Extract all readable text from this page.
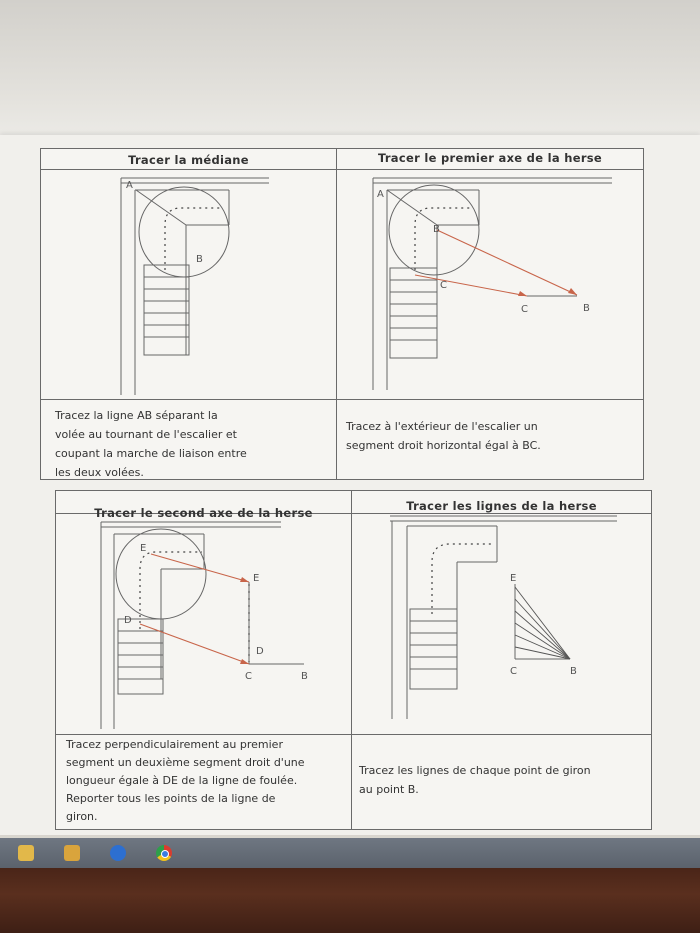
Tracer la médiane	Tracer le premier axe de la herse
A
B
A
B
C
C	B
Tracez la ligne AB séparant la
volée au tournant de l'escalier et
coupant la marche de liaison entre
les deux volées.
Tracez à l'extérieur de l'escalier un
segment droit horizontal égal à BC.
Tracer le second axe de la herse	Tracer les lignes de la herse
E
D
E
D
C	B
E
C	B
Tracez perpendiculairement au premier
segment un deuxième segment droit d'une
longueur égale à DE de la ligne de foulée.
Reporter tous les points de la ligne de
giron.
Tracez les lignes de chaque point de giron
au point B.
